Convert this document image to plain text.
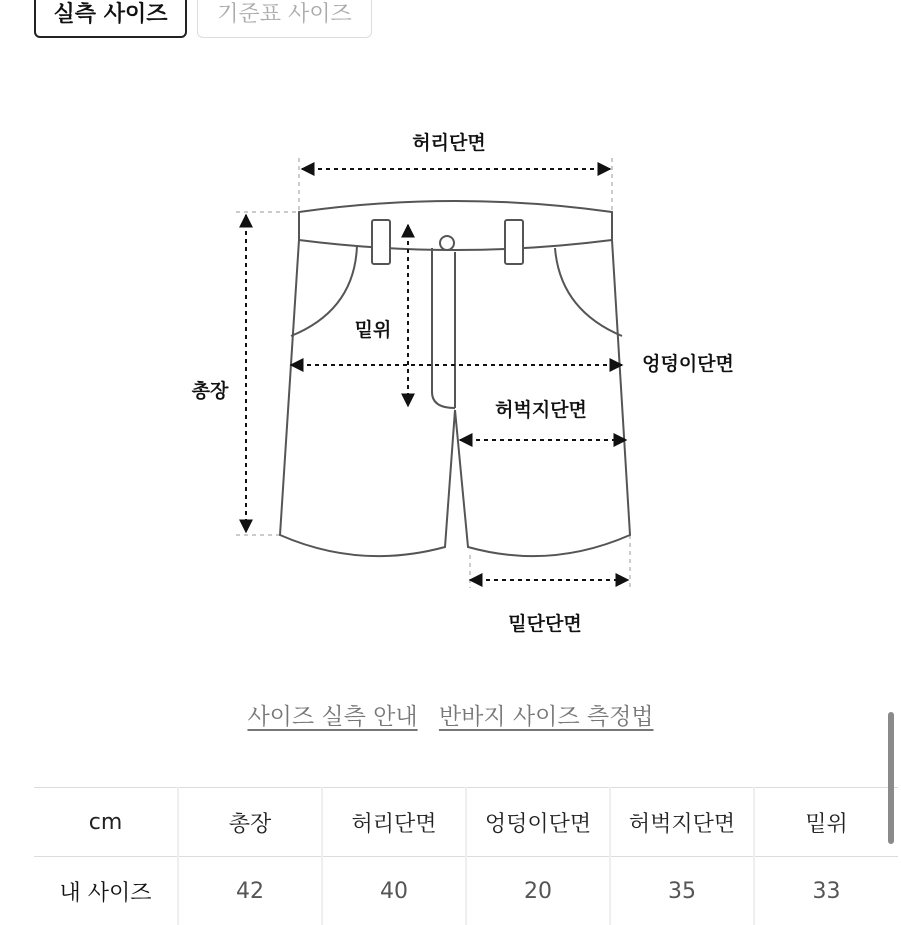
실측 사이즈	기준표 사이즈
허리단면
밑위
총장
엉덩이단면
허벅지단면
밑단단면
사이즈 실측 안내 반바지 사이즈 측정법
cm	총장	허리단면	엉덩이단면	허벅지단면	밑위
내 사이즈	42	40	20	35	33
